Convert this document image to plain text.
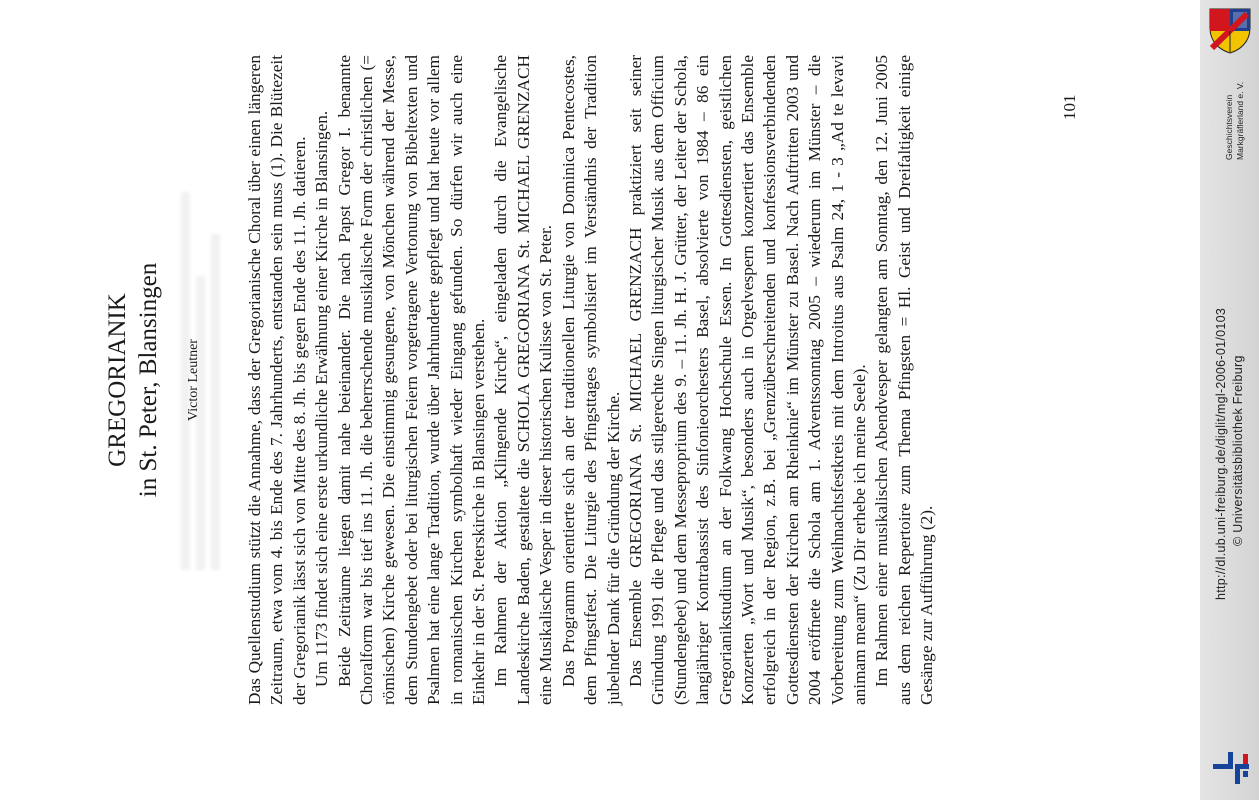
GREGORIANIK in St. Peter, Blansingen Victor Leutner	Das Quellenstudium stützt die Annahme, dass der Gregorianische Choral über einen längeren Zeitraum, etwa vom 4. bis Ende des 7. Jahrhunderts, entstanden sein muss (1). Die Blütezeit der Gregorianik lässt sich von Mitte des 8. Jh. bis gegen Ende des 11. Jh. datieren. Um 1173 findet sich eine erste urkundliche Erwähnung einer Kirche in Blansingen. Beide Zeiträume liegen damit nahe beieinander. Die nach Papst Gregor I. benannte Choralform war bis tief ins 11. Jh. die beherrschende musikalische Form der christlichen (= römischen) Kirche gewesen. Die einstimmig gesungene, von Mönchen während der Messe, dem Stundengebet oder bei liturgischen Feiern vorgetragene Vertonung von Bibeltexten und Psalmen hat eine lange Tradition, wurde über Jahrhunderte gepflegt und hat heute vor allem in romanischen Kirchen symbolhaft wieder Eingang gefunden. So dürfen wir auch eine Einkehr in der St. Peterskirche in Blansingen verstehen. Im Rahmen der Aktion „Klingende Kirche“, eingeladen durch die Evangelische Landeskirche Baden, gestaltete die SCHOLA GREGORIANA St. MICHAEL GRENZACH eine Musikalische Vesper in dieser historischen Kulisse von St. Peter. Das Programm orientierte sich an der traditionellen Liturgie von Dominica Pentecostes, dem Pfingstfest. Die Liturgie des Pfingsttages symbolisiert im Verständnis der Tradition jubelnder Dank für die Gründung der Kirche. Das Ensemble GREGORIANA St. MICHAEL GRENZACH praktiziert seit seiner Gründung 1991 die Pflege und das stilgerechte Singen liturgischer Musik aus dem Officium (Stundengebet) und dem Messeproprium des 9. – 11. Jh. H. J. Grütter, der Leiter der Schola, langjähriger Kontrabassist des Sinfonieorchesters Basel, absolvierte von 1984 – 86 ein Gregorianikstudium an der Folkwang Hochschule Essen. In Gottesdiensten, geistlichen Konzerten „Wort und Musik“, besonders auch in Orgelvespern konzertiert das Ensemble erfolgreich in der Region, z.B. bei „Grenzüberschreitenden und konfessionsverbindenden Gottesdiensten der Kirchen am Rheinknie“ im Münster zu Basel. Nach Auftritten 2003 und 2004 eröffnete die Schola am 1. Adventssonntag 2005 – wiederum im Münster – die Vorbereitung zum Weihnachtsfestkreis mit dem Introitus aus Psalm 24, 1 - 3 „Ad te levavi animam meam“ (Zu Dir erhebe ich meine Seele). Im Rahmen einer musikalischen Abendvesper gelangten am Sonntag, den 12. Juni 2005 aus dem reichen Repertoire zum Thema Pfingsten = Hl. Geist und Dreifaltigkeit einige Gesänge zur Aufführung (2).

101
http://dl.ub.uni-freiburg.de/diglit/mgl-2006-01/0103 © Universitätsbibliothek Freiburg
Geschichtsverein Markgräflerland e. V.
